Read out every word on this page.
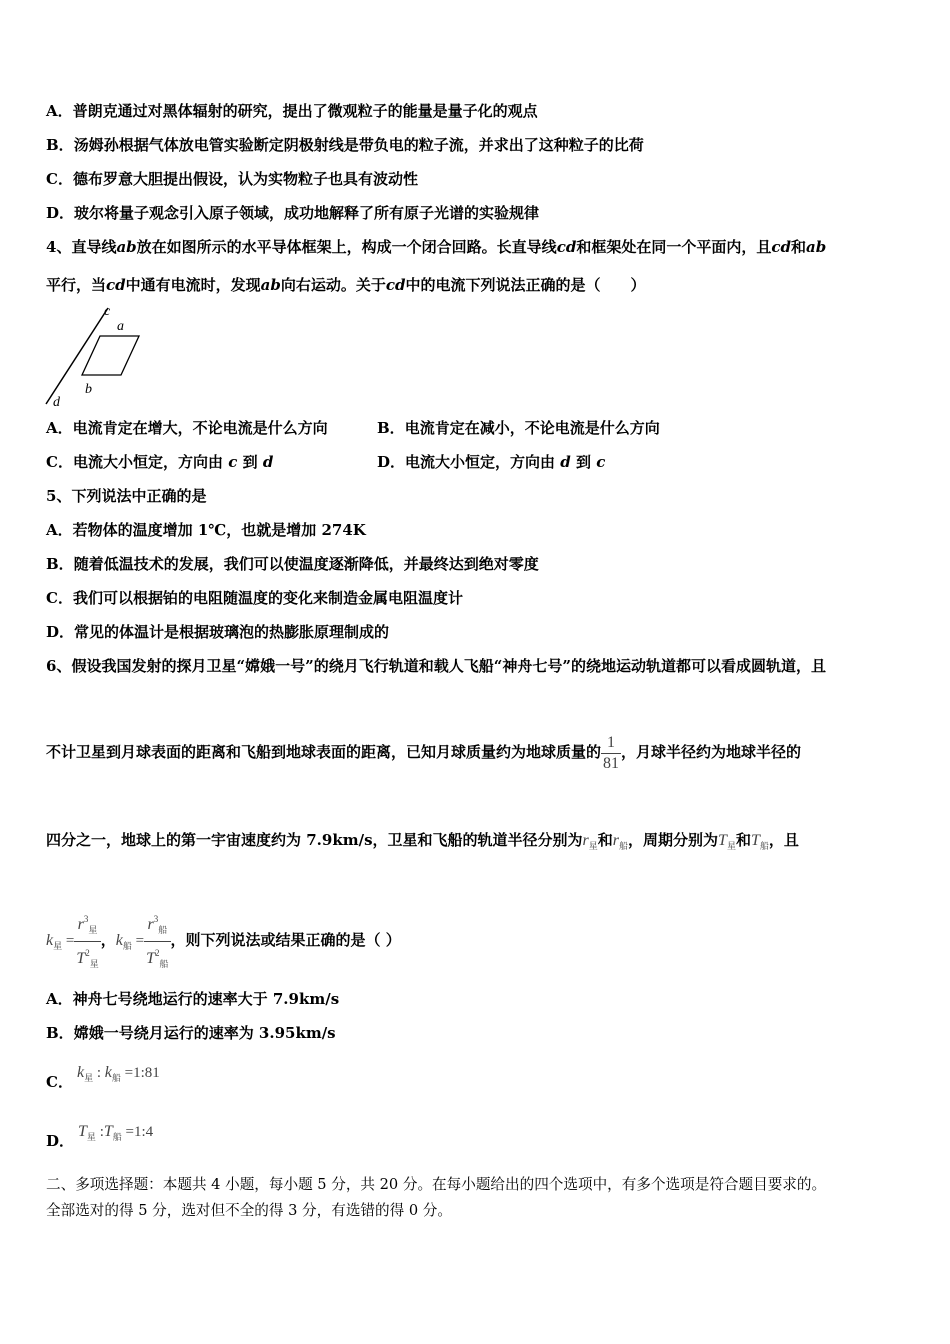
A．普朗克通过对黑体辐射的研究，提出了微观粒子的能量是量子化的观点
B．汤姆孙根据气体放电管实验断定阴极射线是带负电的粒子流，并求出了这种粒子的比荷
C．德布罗意大胆提出假设，认为实物粒子也具有波动性
D．玻尔将量子观念引入原子领域，成功地解释了所有原子光谱的实验规律
4、直导线ab放在如图所示的水平导体框架上，构成一个闭合回路。长直导线cd和框架处在同一个平面内，且cd和ab
平行，当cd中通有电流时，发现ab向右运动。关于cd中的电流下列说法正确的是（　　）
c
a
b
d
A．电流肯定在增大，不论电流是什么方向	B．电流肯定在减小，不论电流是什么方向
C．电流大小恒定，方向由 c 到 d	D．电流大小恒定，方向由 d 到 c
5、下列说法中正确的是
A．若物体的温度增加 1℃，也就是增加 274K
B．随着低温技术的发展，我们可以使温度逐渐降低，并最终达到绝对零度
C．我们可以根据铂的电阻随温度的变化来制造金属电阻温度计
D．常见的体温计是根据玻璃泡的热膨胀原理制成的
6、假设我国发射的探月卫星“嫦娥一号”的绕月飞行轨道和载人飞船“神舟七号”的绕地运动轨道都可以看成圆轨道，且
不计卫星到月球表面的距离和飞船到地球表面的距离，已知月球质量约为地球质量的 $\frac{1}{81}$ ，月球半径约为地球半径的
四分之一，地球上的第一宇宙速度约为 7.9km/s，卫星和飞船的轨道半径分别为$r_星$和$r_船$，周期分别为$T_星$和$T_船$，且
$k_星 = \frac{r^3_星}{T^2_星}$ ，$k_船 = \frac{r^3_船}{T^2_船}$ ，则下列说法或结果正确的是（ ）
A．神舟七号绕地运行的速率大于 7.9km/s
B．嫦娥一号绕月运行的速率为 3.95km/s
C．$k_星$ : $k_船$ =1:81
D．$T_星$ $:T_船$ =1:4
二、多项选择题：本题共 4 小题，每小题 5 分，共 20 分。在每小题给出的四个选项中，有多个选项是符合题目要求的。
全部选对的得 5 分，选对但不全的得 3 分，有选错的得 0 分。
